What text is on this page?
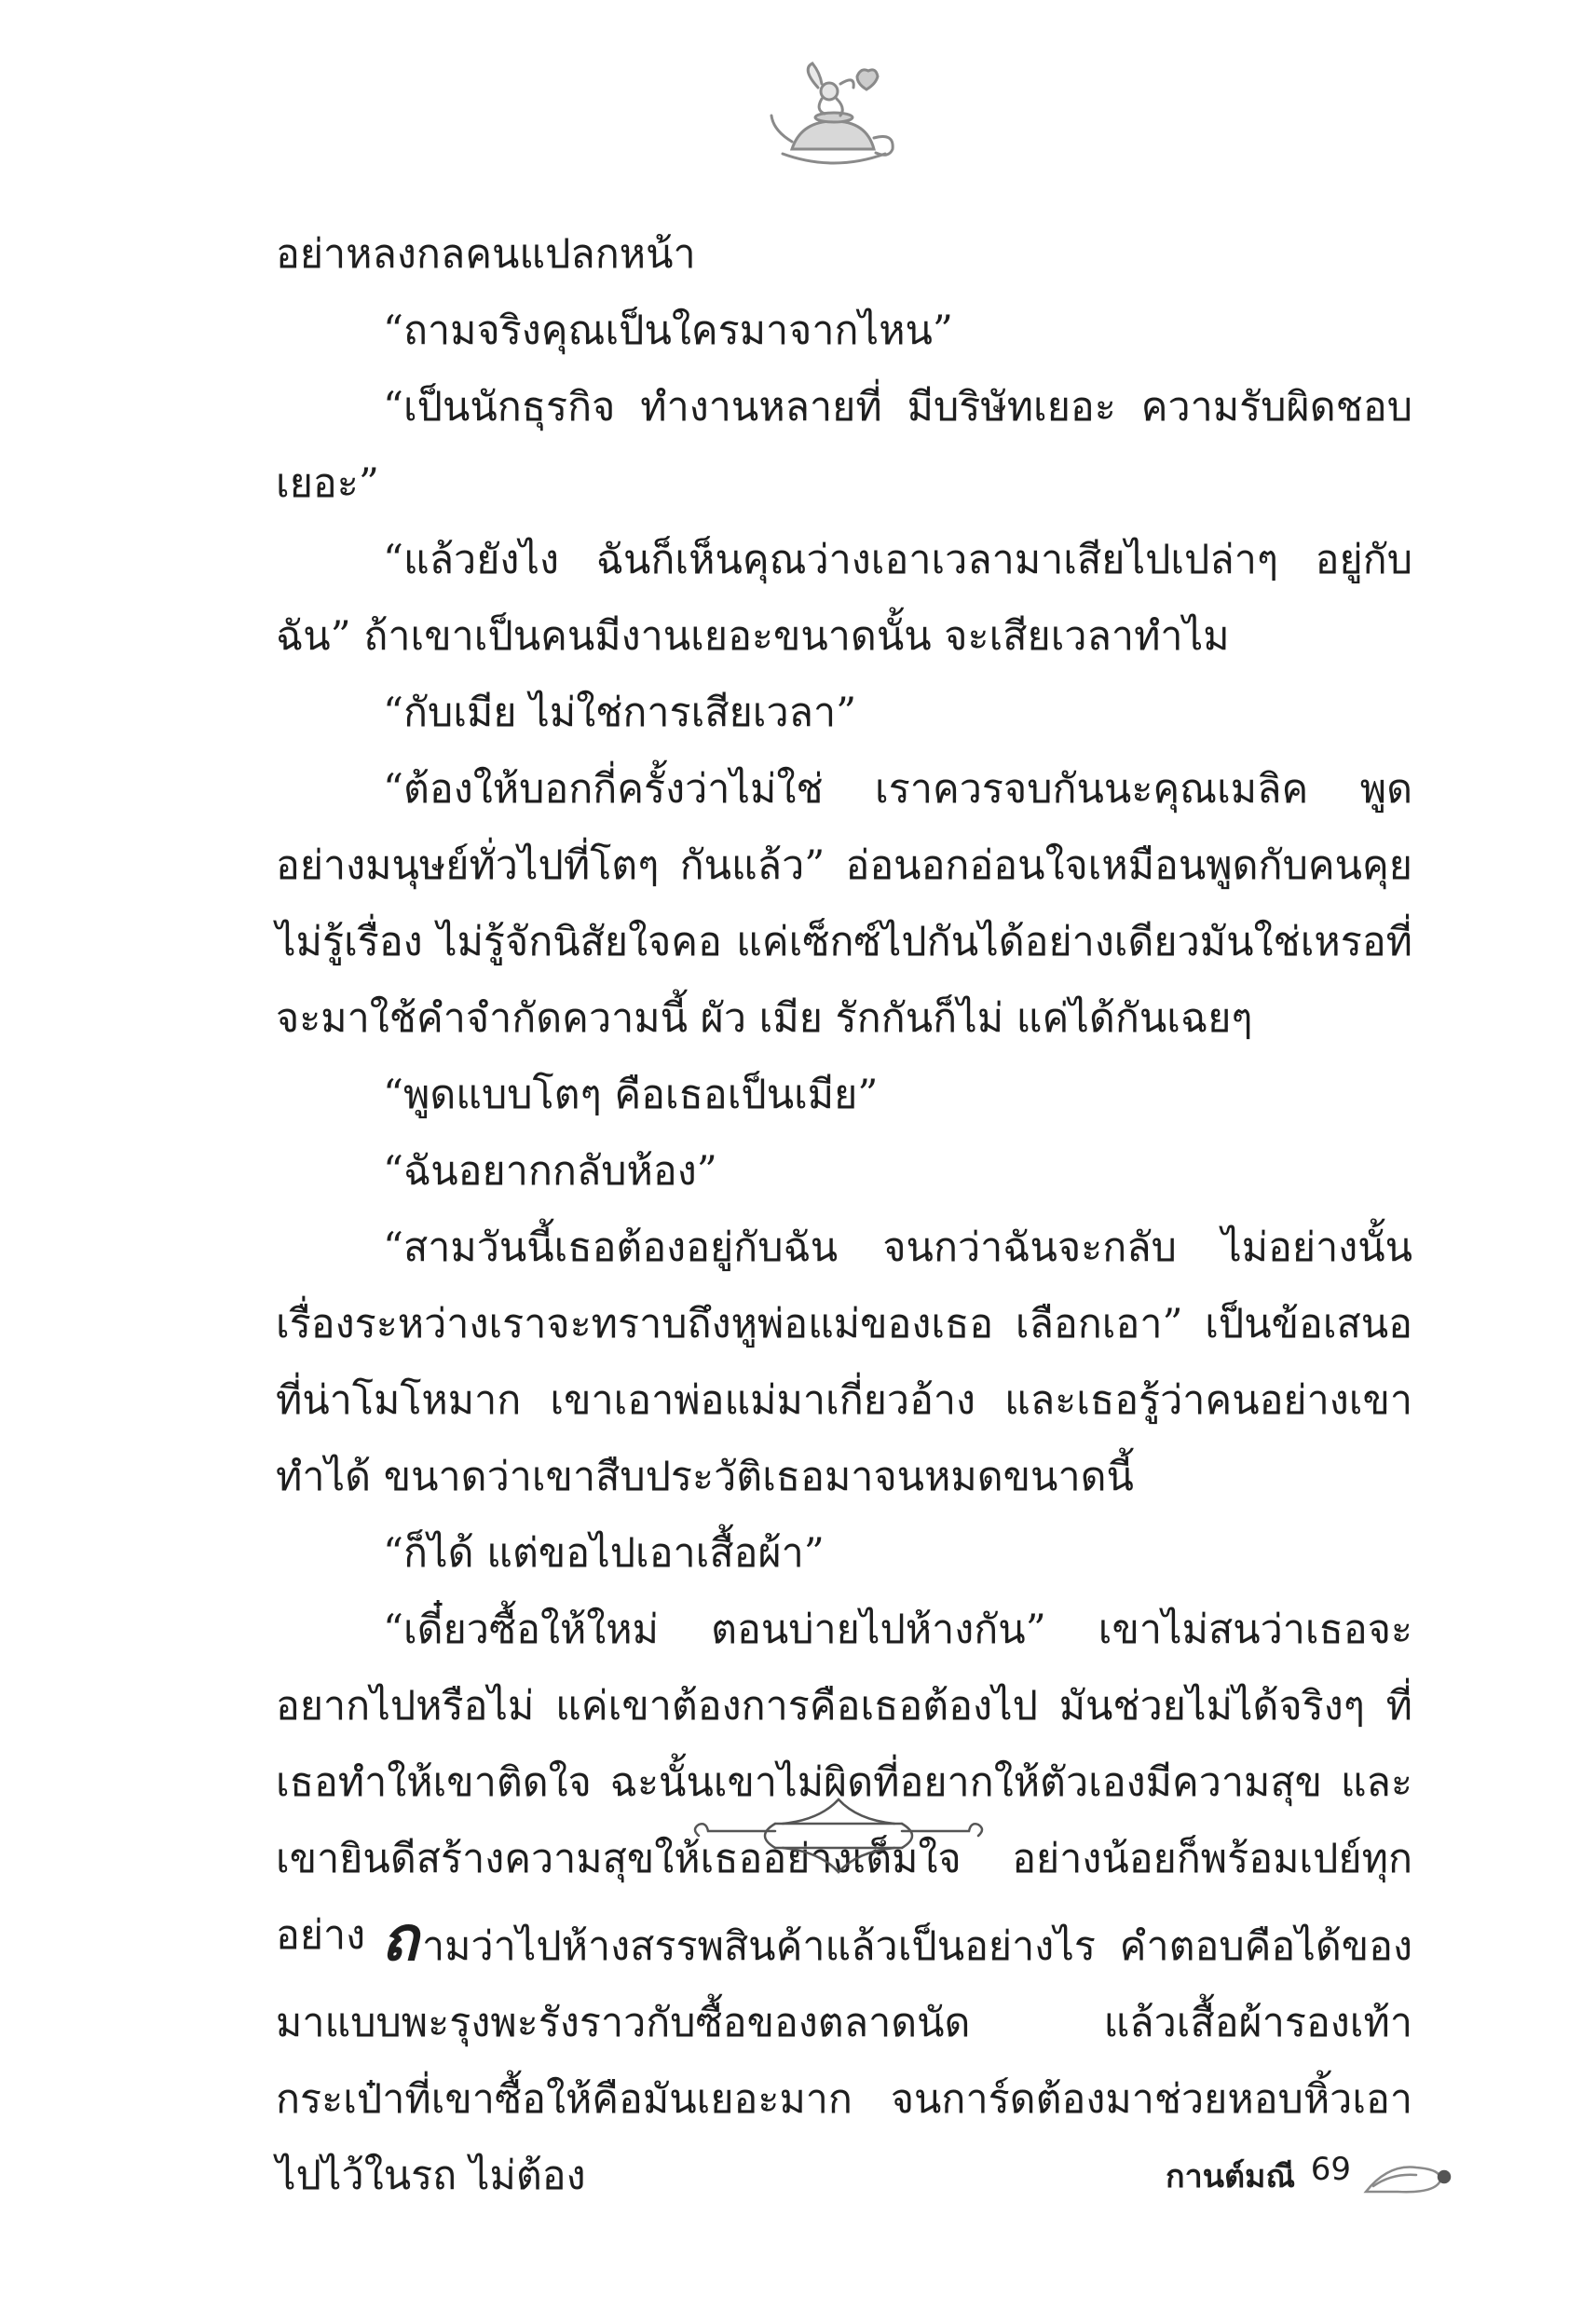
อย่าหลงกลคนแปลกหน้า

“ถามจริงคุณเป็นใครมาจากไหน”

“เป็นนักธุรกิจ ทำงานหลายที่ มีบริษัทเยอะ ความรับผิดชอบเยอะ”

“แล้วยังไง ฉันก็เห็นคุณว่างเอาเวลามาเสียไปเปล่าๆ อยู่กับฉัน” ถ้าเขาเป็นคนมีงานเยอะขนาดนั้น จะเสียเวลาทำไม

“กับเมีย ไม่ใช่การเสียเวลา”

“ต้องให้บอกกี่ครั้งว่าไม่ใช่ เราควรจบกันนะคุณเมลิค พูดอย่างมนุษย์ทั่วไปที่โตๆ กันแล้ว” อ่อนอกอ่อนใจเหมือนพูดกับคนคุยไม่รู้เรื่อง ไม่รู้จักนิสัยใจคอ แค่เซ็กซ์ไปกันได้อย่างเดียวมันใช่เหรอที่จะมาใช้คำจำกัดความนี้ ผัว เมีย รักกันก็ไม่ แค่ได้กันเฉยๆ

“พูดแบบโตๆ คือเธอเป็นเมีย”

“ฉันอยากกลับห้อง”

“สามวันนี้เธอต้องอยู่กับฉัน จนกว่าฉันจะกลับ ไม่อย่างนั้นเรื่องระหว่างเราจะทราบถึงหูพ่อแม่ของเธอ เลือกเอา” เป็นข้อเสนอที่น่าโมโหมาก เขาเอาพ่อแม่มาเกี่ยวอ้าง และเธอรู้ว่าคนอย่างเขาทำได้ ขนาดว่าเขาสืบประวัติเธอมาจนหมดขนาดนี้

“ก็ได้ แต่ขอไปเอาเสื้อผ้า”

“เดี๋ยวซื้อให้ใหม่ ตอนบ่ายไปห้างกัน” เขาไม่สนว่าเธอจะอยากไปหรือไม่ แค่เขาต้องการคือเธอต้องไป มันช่วยไม่ได้จริงๆ ที่เธอทำให้เขาติดใจ ฉะนั้นเขาไม่ผิดที่อยากให้ตัวเองมีความสุข และเขายินดีสร้างความสุขให้เธออย่างเต็มใจ อย่างน้อยก็พร้อมเปย์ทุกอย่าง ถามว่าไปห้างสรรพสินค้าแล้วเป็นอย่างไร คำตอบคือได้ของมาแบบพะรุงพะรังราวกับซื้อของตลาดนัด แล้วเสื้อผ้ารองเท้ากระเป๋าที่เขาซื้อให้คือมันเยอะมาก จนการ์ดต้องมาช่วยหอบหิ้วเอาไปไว้ในรถ ไม่ต้อง	กานต์มณี 69
